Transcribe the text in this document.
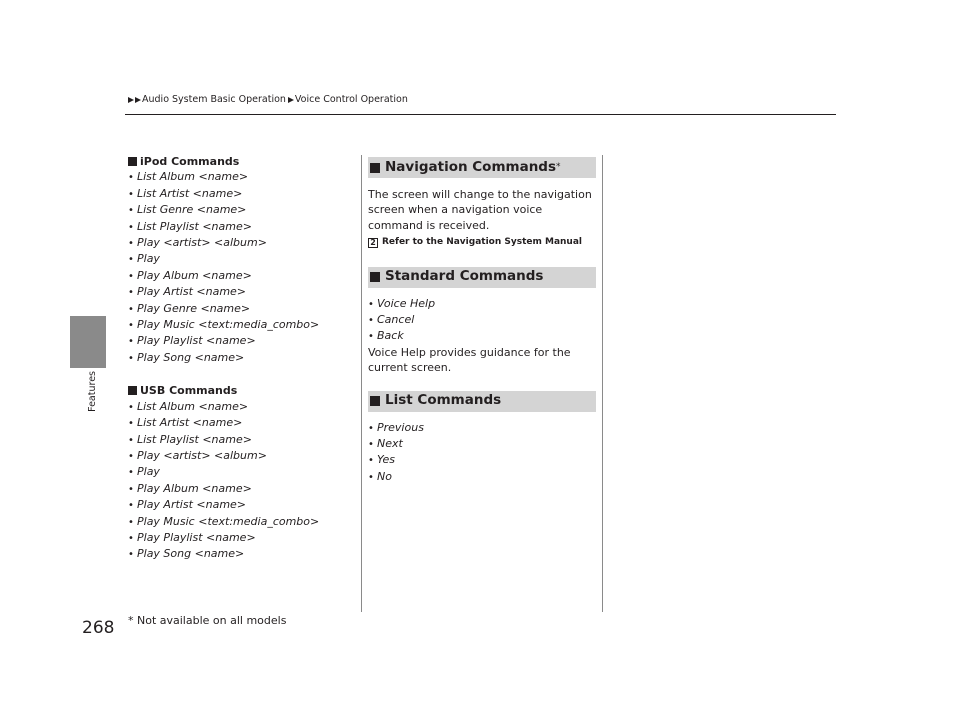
Audio System Basic Operation Voice Control Operation
Features
iPod Commands
• List Album <name>
• List Artist <name>
• List Genre <name>
• List Playlist <name>
• Play <artist> <album>
• Play
• Play Album <name>
• Play Artist <name>
• Play Genre <name>
• Play Music <text:media_combo>
• Play Playlist <name>
• Play Song <name>
USB Commands
• List Album <name>
• List Artist <name>
• List Playlist <name>
• Play <artist> <album>
• Play
• Play Album <name>
• Play Artist <name>
• Play Music <text:media_combo>
• Play Playlist <name>
• Play Song <name>
Navigation Commands *
The screen will change to the navigation screen when a navigation voice command is received.
2 Refer to the Navigation System Manual
Standard Commands
• Voice Help
• Cancel
• Back
Voice Help provides guidance for the current screen.
List Commands
• Previous
• Next
• Yes
• No
268 * Not available on all models
